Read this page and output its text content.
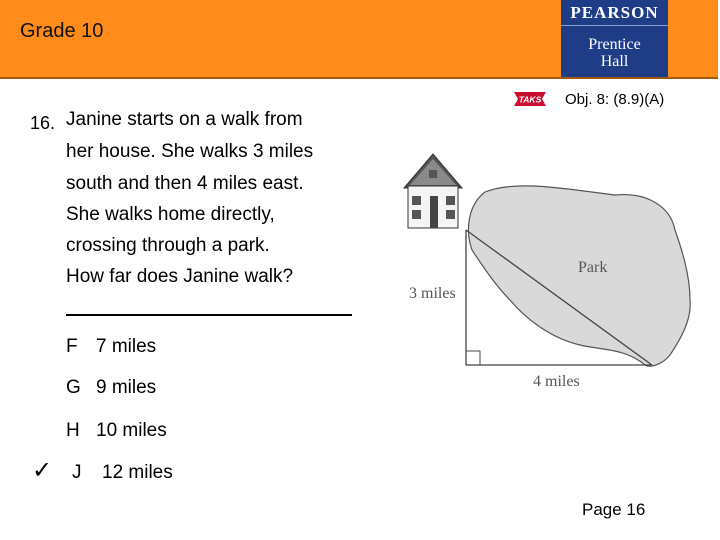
Grade 10
PEARSON
Prentice
Hall
TAKS Obj. 8: (8.9)(A)
16. Janine starts on a walk from
her house. She walks 3 miles
south and then 4 miles east.
She walks home directly,
crossing through a park.
How far does Janine walk?	Park
3 miles
4 miles
F 7 miles
G 9 miles
H 10 miles
✓ J 12 miles
Page 16
